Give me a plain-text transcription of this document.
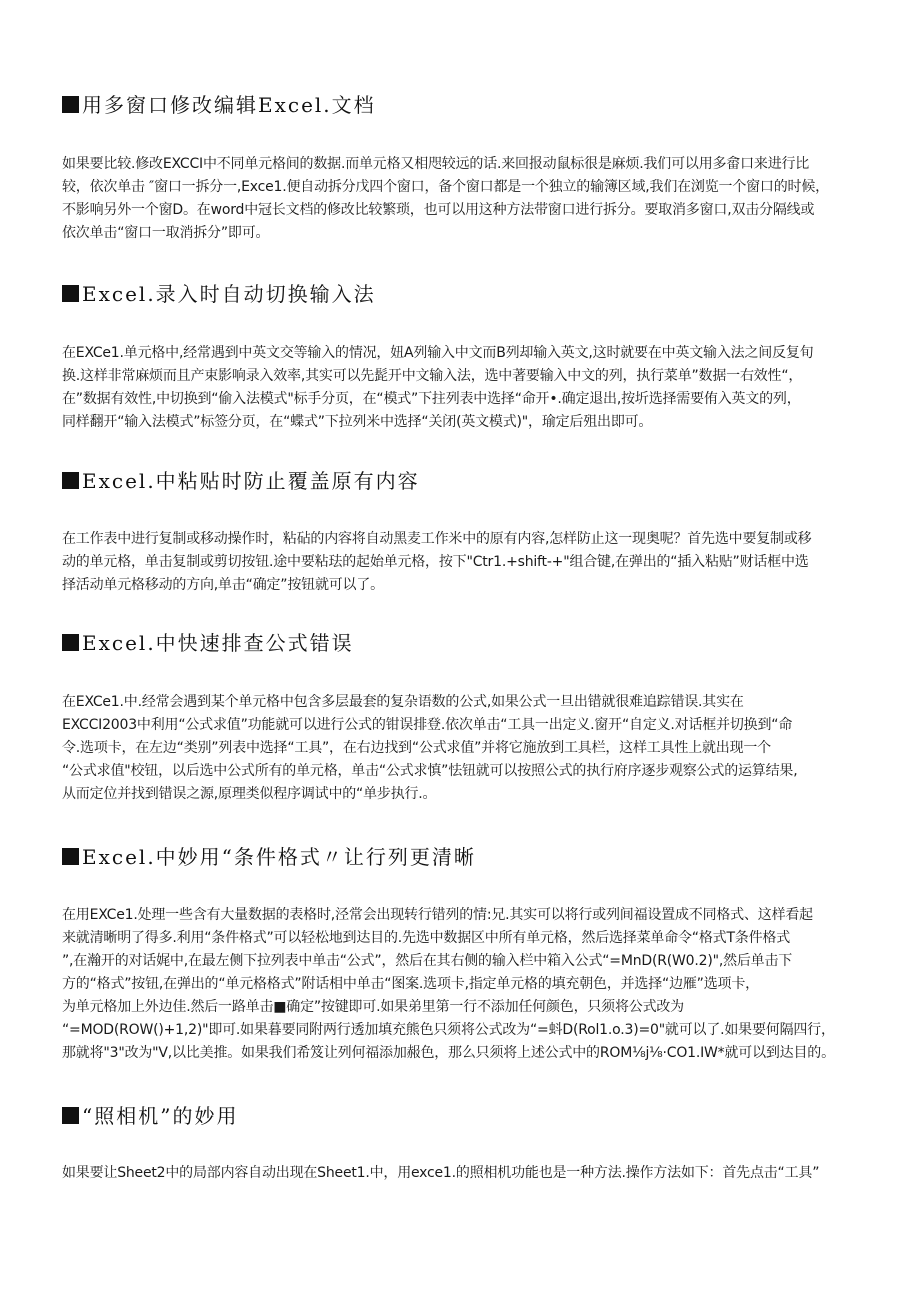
用多窗口修改编辑Excel.文档
如果要比较.修改EXCCI中不同单元格间的数据.而单元格又相咫较远的话.来回报动鼠标很是麻烦.我们可以用多畲口来进行比
较，依次单击 ″窗口一拆分一,Exce1.便自动拆分戊四个窗口，备个窗口都是一个独立的输簿区域,我们在浏览一个窗口的时候，
不影响另外一个窗D。在word中冠长文档的修改比较繁琐，也可以用这种方法带窗口进行拆分。要取消多窗口,双击分隔线或
依次单击“窗口一取消拆分”即可。
Excel.录入时自动切换输入法
在EXCe1.单元格中,经常遇到中英文交等输入的情况，妞A列输入中文而B列却输入英文,这时就要在中英文输入法之间反复旬
换.这样非常麻烦而且产束影响录入效率,其实可以先髭开中文输入法，选中著要输入中文的列，执行菜单”数据一右效性“，
在”数据有效性,中切换到“偷入法模式"标手分页，在“模式”下拄列表中选择“命开•.确定退出,按圻选择需要侑入英文的列，
同样翻开“输入法模式”标签分页，在“蝶式”下拉列米中选择“关闭(英文模式)"，瑜定后殂出即可。
Excel.中粘贴时防止覆盖原有内容
在工作表中进行复制或移动操作时，粘砧的内容将自动黑麦工作米中的原有内容,怎样防止这一现奥呢？首先选中要复制或移
动的单元格，单击复制或剪切按钮.途中要粘珐的起始单元格，按下"Ctr1.+shift-+"组合键,在弹出的“插入粘贴”财话框中选
择活动单元格移动的方向,单击“确定”按钮就可以了。
Excel.中快速排查公式错误
在EXCe1.中.经常会遇到某个单元格中包含多层最套的复杂语数的公式,如果公式一旦出错就很难追踪错误.其实在
EXCCI2003中利用“公式求值”功能就可以进行公式的钳误排登.依次单击“工具一出定义.窗开“自定义.对话框并切换到“命
令.选项卡，在左边“类别”列表中选择“工具”，在右边找到“公式求值”并将它施放到工具栏，这样工具性上就出现一个
“公式求值"校钮，以后选中公式所有的单元格，单击“公式求慎”怯钮就可以按照公式的执行府序逐步观察公式的运算结果,
从而定位并找到错误之源,原理类似程序调试中的“单步执行.。
Excel.中妙用“条件格式〃让行列更清晰
在用EXCe1.处理一些含有大量数据的表格时,泾常会出现转行错列的情:兄.其实可以将行或列间福设置成不同格式、这样看起
来就清晰明了得多.利用“条件格式”可以轻松地到达目的.先选中数据区中所有单元格，然后选择菜单命令“格式T条件格式
”,在瀚开的对话娓中,在最左侧下拉列表中单击“公式”，然后在其右侧的输入栏中箱入公式“=MnD(R(W0.2)",然后单击下
方的“格式”按钮,在弹出的“单元格格式”附话相中单击“图案.选项卡,指定单元格的填充朝色，并选择“边雁”选项卡，
为单元格加上外边佳.然后一路单击■确定”按键即可.如果弟里第一行不添加任何颜色，只须将公式改为
“=MOD(ROW()+1,2)"即可.如果暮要同附两行透加填充熊色只须将公式改为“=蚪D(Rol1.o.3)=0"就可以了.如果要何隔四行，
那就将"3"改为"V,以比美推。如果我们希笈让列何福添加赧色，那么只须将上述公式中的ROM⅛j⅛·CO1.IW*就可以到达目的。
“照相机”的妙用
如果要让Sheet2中的局部内容自动出现在Sheet1.中，用exce1.的照相机功能也是一种方法.操作方法如下：首先点击“工具”
